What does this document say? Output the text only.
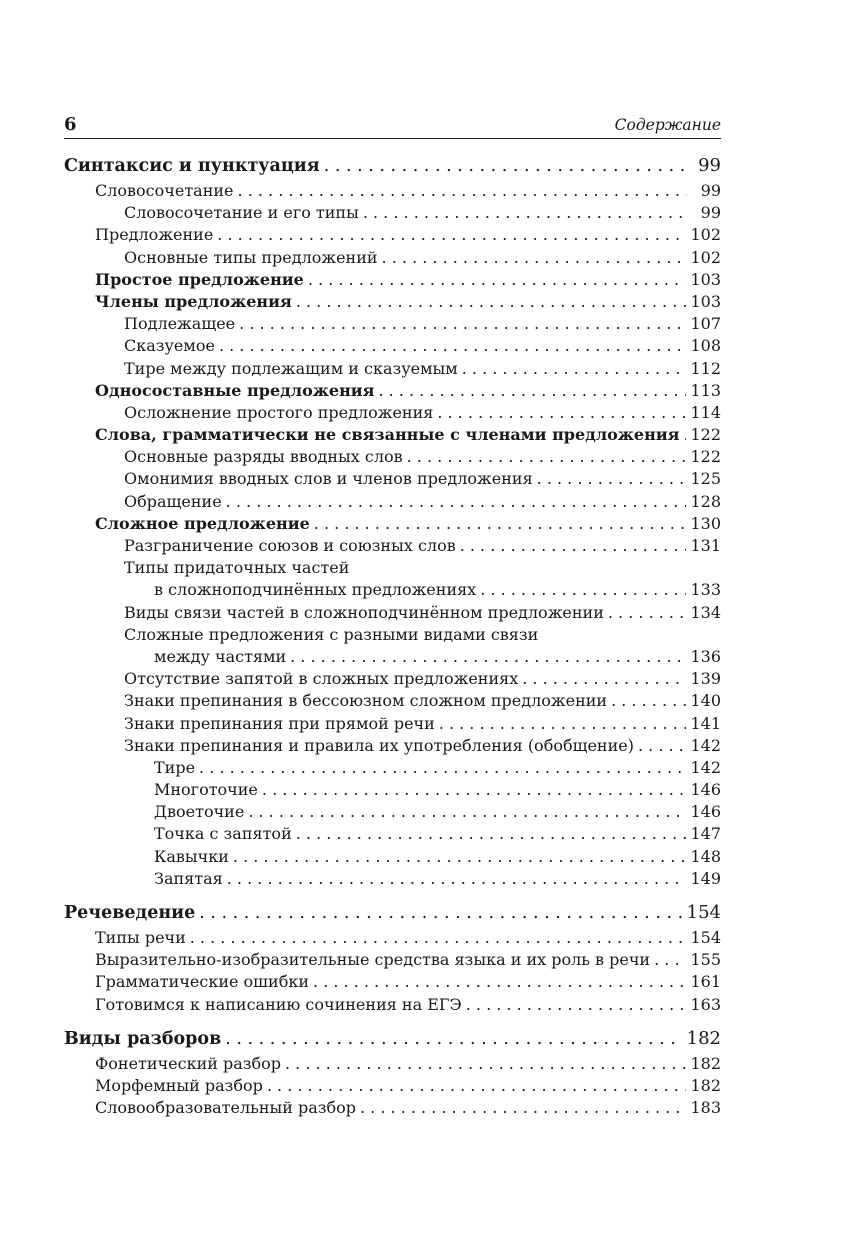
6	Содержание
Синтаксис и пунктуация . . .	99
Словосочетание . . .	99
Словосочетание и его типы . . .	99
Предложение . . .	102
Основные типы предложений . . .	102
Простое предложение . . .	103
Члены предложения . . .	103
Подлежащее . . .	107
Сказуемое . . .	108
Тире между подлежащим и сказуемым . . .	112
Односоставные предложения . . .	113
Осложнение простого предложения . . .	114
Слова, грамматически не связанные с членами предложения . . . 122
Основные разряды вводных слов . . .	122
Омонимия вводных слов и членов предложения . . .	125
Обращение . . .	128
Сложное предложение . . .	130
Разграничение союзов и союзных слов . . .	131
Типы придаточных частей
в сложноподчинённых предложениях . . .	133
Виды связи частей в сложноподчинённом предложении . . .	134
Сложные предложения с разными видами связи
между частями . . .	136
Отсутствие запятой в сложных предложениях . . .	139
Знаки препинания в бессоюзном сложном предложении . . .	140
Знаки препинания при прямой речи . . .	141
Знаки препинания и правила их употребления (обобщение) . . .	142
Тире . . .	142
Многоточие . . .	146
Двоеточие . . .	146
Точка с запятой . . .	147
Кавычки . . .	148
Запятая . . .	149
Речеведение . . .	154
Типы речи . . .	154
Выразительно-изобразительные средства языка и их роль в речи . . .	155
Грамматические ошибки . . .	161
Готовимся к написанию сочинения на ЕГЭ . . .	163
Виды разборов . . .	182
Фонетический разбор . . .	182
Морфемный разбор . . .	182
Словообразовательный разбор . . .	183
